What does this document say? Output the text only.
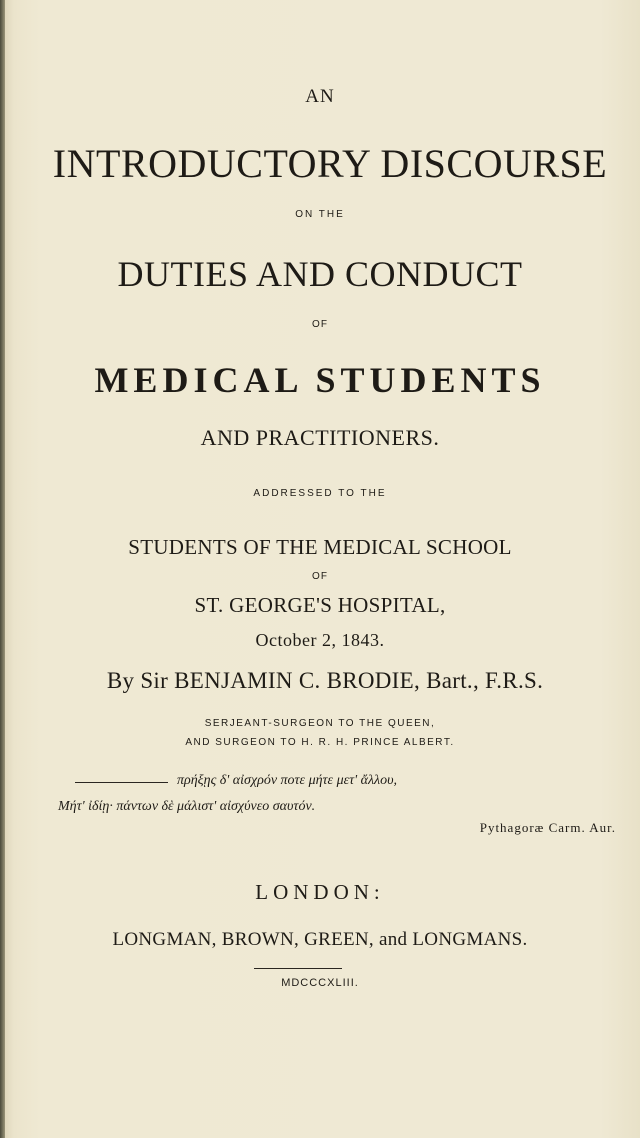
AN
INTRODUCTORY DISCOURSE
ON THE
DUTIES AND CONDUCT
OF
MEDICAL STUDENTS
AND PRACTITIONERS.
ADDRESSED TO THE
STUDENTS OF THE MEDICAL SCHOOL
OF
ST. GEORGE'S HOSPITAL,
October 2, 1843.
By Sir BENJAMIN C. BRODIE, Bart., F.R.S.
SERJEANT-SURGEON TO THE QUEEN,
AND SURGEON TO H. R. H. PRINCE ALBERT.
πρήξῃς δ' αἰσχρόν ποτε μήτε μετ' ἄλλου,
Μήτ' ἰδίῃ· πάντων δὲ μάλιστ' αἰσχύνεο σαυτόν.
Pythagoræ Carm. Aur.
LONDON:
LONGMAN, BROWN, GREEN, and LONGMANS.
MDCCCXLIII.
